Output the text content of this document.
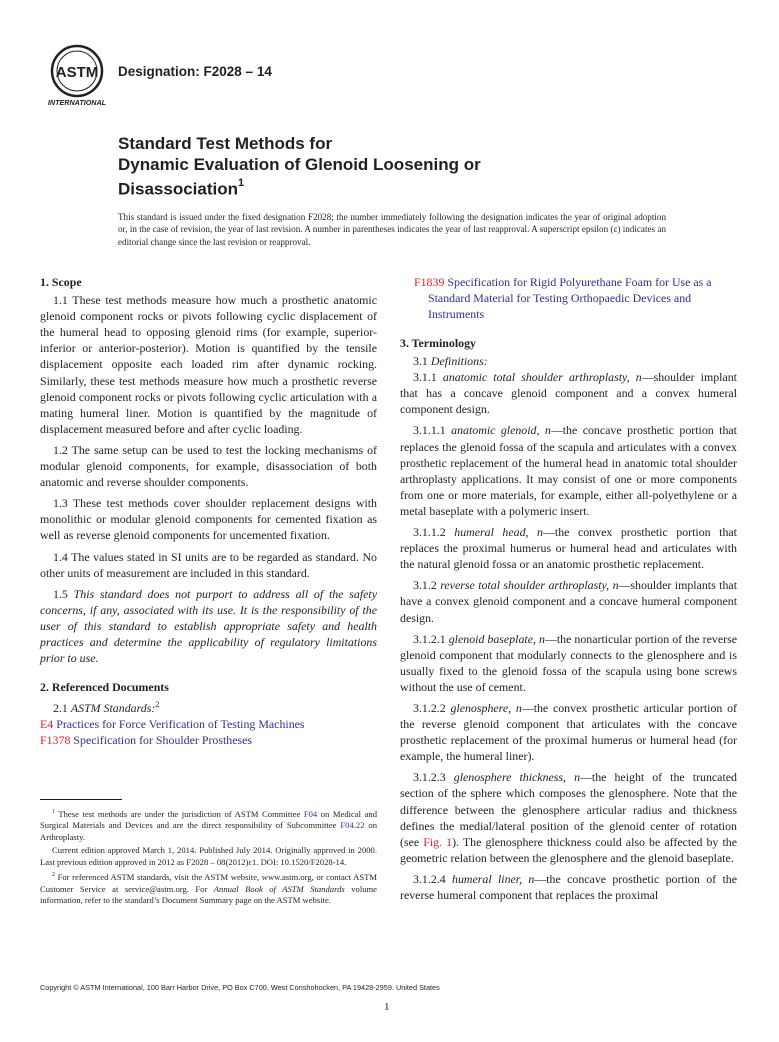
ASTM
INTERNATIONAL
Designation: F2028 – 14
Standard Test Methods for
Dynamic Evaluation of Glenoid Loosening or
Disassociation$^1$
This standard is issued under the fixed designation F2028; the number immediately following the designation indicates the year of original adoption or, in the case of revision, the year of last revision. A number in parentheses indicates the year of last reapproval. A superscript epsilon (ε) indicates an editorial change since the last revision or reapproval.
1. Scope

1.1 These test methods measure how much a prosthetic anatomic glenoid component rocks or pivots following cyclic displacement of the humeral head to opposing glenoid rims (for example, superior-inferior or anterior-posterior). Motion is quantified by the tensile displacement opposite each loaded rim after dynamic rocking. Similarly, these test methods measure how much a prosthetic reverse glenoid component rocks or pivots following cyclic articulation with a mating humeral liner. Motion is quantified by the magnitude of displacement measured before and after cyclic loading.

1.2 The same setup can be used to test the locking mechanisms of modular glenoid components, for example, disassociation of both anatomic and reverse shoulder components.

1.3 These test methods cover shoulder replacement designs with monolithic or modular glenoid components for cemented fixation as well as reverse glenoid components for uncemented fixation.

1.4 The values stated in SI units are to be regarded as standard. No other units of measurement are included in this standard.

1.5 This standard does not purport to address all of the safety concerns, if any, associated with its use. It is the responsibility of the user of this standard to establish appropriate safety and health practices and determine the applicability of regulatory limitations prior to use.

2. Referenced Documents

2.1 ASTM Standards:$^2$

E4 Practices for Force Verification of Testing Machines
F1378 Specification for Shoulder Prostheses

$^1$ These test methods are under the jurisdiction of ASTM Committee F04 on Medical and Surgical Materials and Devices and are the direct responsibility of Subcommittee F04.22 on Arthroplasty.

Current edition approved March 1, 2014. Published July 2014. Originally approved in 2000. Last previous edition approved in 2012 as F2028 – 08(2012)ε1. DOI: 10.1520/F2028-14.

$^2$ For referenced ASTM standards, visit the ASTM website, www.astm.org, or contact ASTM Customer Service at service@astm.org. For Annual Book of ASTM Standards volume information, refer to the standard’s Document Summary page on the ASTM website.

F1839 Specification for Rigid Polyurethane Foam for Use as a Standard Material for Testing Orthopaedic Devices and Instruments
3. Terminology

3.1 Definitions:

3.1.1 anatomic total shoulder arthroplasty, n—shoulder implant that has a concave glenoid component and a convex humeral component design.

3.1.1.1 anatomic glenoid, n—the concave prosthetic portion that replaces the glenoid fossa of the scapula and articulates with a convex prosthetic replacement of the humeral head in anatomic total shoulder arthroplasty applications. It may consist of one or more components from one or more materials, for example, either all-polyethylene or a metal baseplate with a polymeric insert.

3.1.1.2 humeral head, n—the convex prosthetic portion that replaces the proximal humerus or humeral head and articulates with the natural glenoid fossa or an anatomic prosthetic replacement.

3.1.2 reverse total shoulder arthroplasty, n—shoulder implants that have a convex glenoid component and a concave humeral component design.

3.1.2.1 glenoid baseplate, n—the nonarticular portion of the reverse glenoid component that modularly connects to the glenosphere and is usually fixed to the glenoid fossa of the scapula using bone screws without the use of cement.

3.1.2.2 glenosphere, n—the convex prosthetic articular portion of the reverse glenoid component that articulates with the concave prosthetic replacement of the proximal humerus or humeral head (for example, the humeral liner).

3.1.2.3 glenosphere thickness, n—the height of the truncated section of the sphere which composes the glenosphere. Note that the difference between the glenosphere articular radius and thickness defines the medial/lateral position of the glenoid center of rotation (see Fig. 1). The glenosphere thickness could also be affected by the geometric relation between the glenosphere and the glenoid baseplate.

3.1.2.4 humeral liner, n—the concave prosthetic portion of the reverse humeral component that replaces the proximal

Copyright © ASTM International, 100 Barr Harbor Drive, PO Box C700, West Conshohocken, PA 19428-2959. United States
1
